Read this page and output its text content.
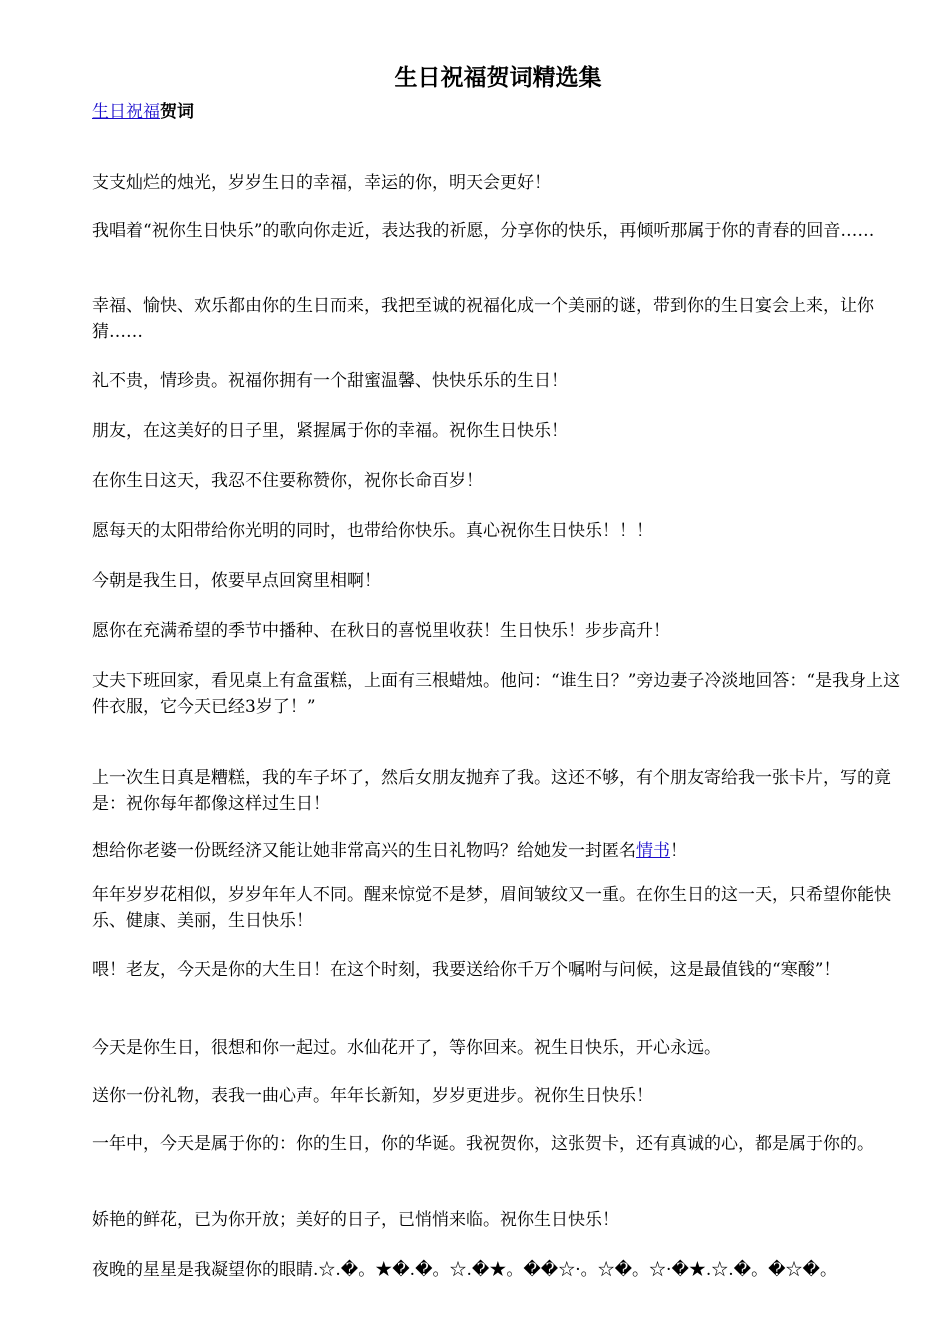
生日祝福贺词精选集
生日祝福贺词

支支灿烂的烛光，岁岁生日的幸福，幸运的你，明天会更好！

我唱着“祝你生日快乐”的歌向你走近，表达我的祈愿，分享你的快乐，再倾听那属于你的青春的回音……

幸福、愉快、欢乐都由你的生日而来，我把至诚的祝福化成一个美丽的谜，带到你的生日宴会上来，让你猜……

礼不贵，情珍贵。祝福你拥有一个甜蜜温馨、快快乐乐的生日！

朋友，在这美好的日子里，紧握属于你的幸福。祝你生日快乐！

在你生日这天，我忍不住要称赞你，祝你长命百岁！

愿每天的太阳带给你光明的同时，也带给你快乐。真心祝你生日快乐！！！

今朝是我生日，侬要早点回窝里相啊！

愿你在充满希望的季节中播种、在秋日的喜悦里收获！生日快乐！步步高升！

丈夫下班回家，看见桌上有盒蛋糕，上面有三根蜡烛。他问：“谁生日？”旁边妻子冷淡地回答：“是我身上这件衣服，它今天已经3岁了！”

上一次生日真是糟糕，我的车子坏了，然后女朋友抛弃了我。这还不够，有个朋友寄给我一张卡片，写的竟是：祝你每年都像这样过生日！

想给你老婆一份既经济又能让她非常高兴的生日礼物吗？给她发一封匿名情书！

年年岁岁花相似，岁岁年年人不同。醒来惊觉不是梦，眉间皱纹又一重。在你生日的这一天，只希望你能快乐、健康、美丽，生日快乐！

喂！老友，今天是你的大生日！在这个时刻，我要送给你千万个嘱咐与问候，这是最值钱的“寒酸”！

今天是你生日，很想和你一起过。水仙花开了，等你回来。祝生日快乐，开心永远。

送你一份礼物，表我一曲心声。年年长新知，岁岁更进步。祝你生日快乐！

一年中，今天是属于你的：你的生日，你的华诞。我祝贺你，这张贺卡，还有真诚的心，都是属于你的。

娇艳的鲜花，已为你开放；美好的日子，已悄悄来临。祝你生日快乐！

夜晚的星星是我凝望你的眼睛.☆.�。★�.�。☆.�★。��☆·。☆�。☆·�★.☆.�。�☆�。
